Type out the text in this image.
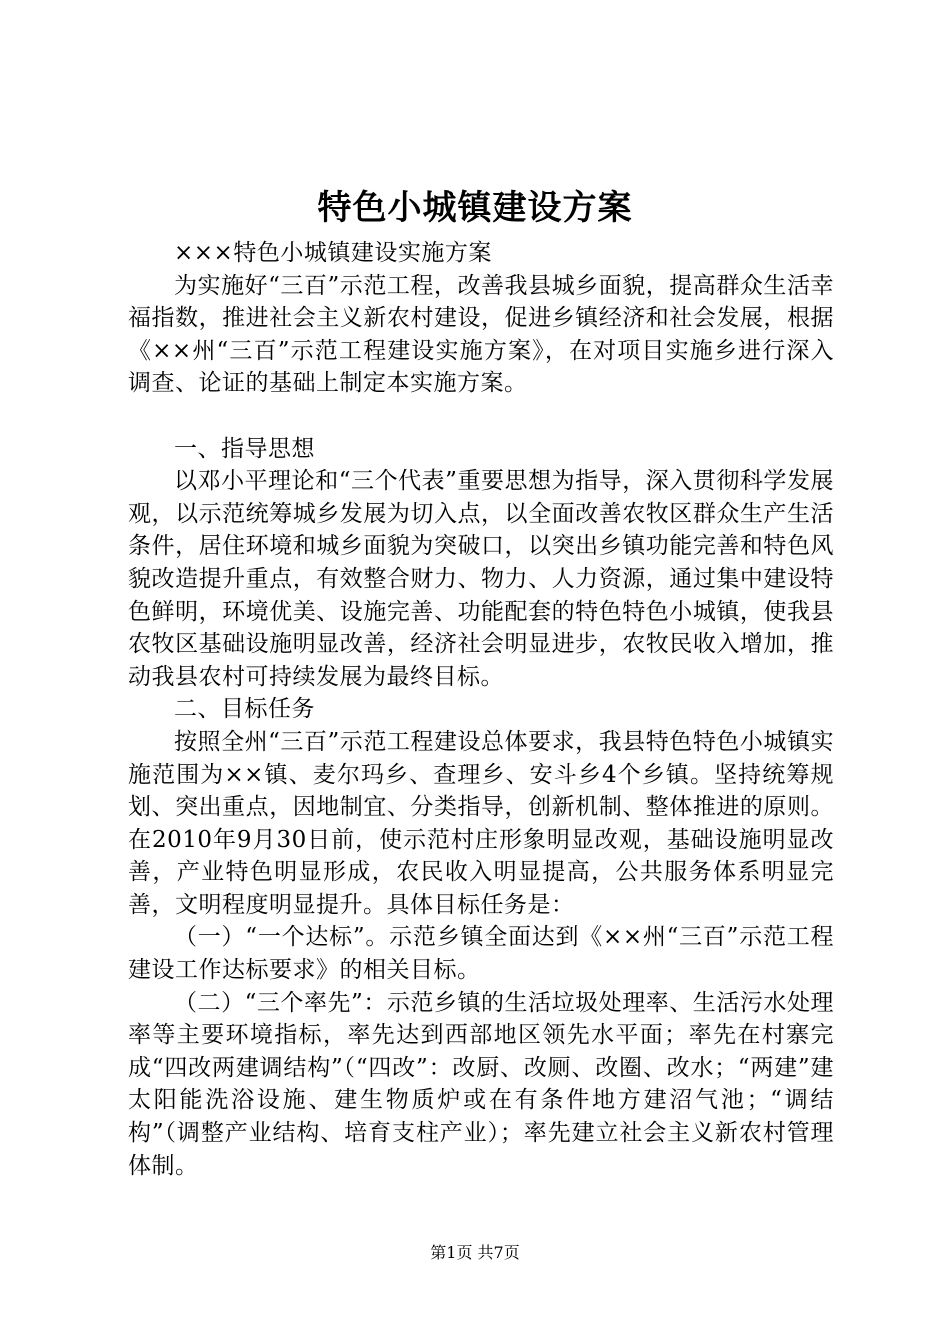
特色小城镇建设方案

×××特色小城镇建设实施方案

为实施好“三百”示范工程，改善我县城乡面貌，提高群众生活幸福指数，推进社会主义新农村建设，促进乡镇经济和社会发展，根据《××州“三百”示范工程建设实施方案》，在对项目实施乡进行深入调查、论证的基础上制定本实施方案。

一、指导思想

以邓小平理论和“三个代表”重要思想为指导，深入贯彻科学发展观，以示范统筹城乡发展为切入点，以全面改善农牧区群众生产生活条件，居住环境和城乡面貌为突破口，以突出乡镇功能完善和特色风貌改造提升重点，有效整合财力、物力、人力资源，通过集中建设特色鲜明，环境优美、设施完善、功能配套的特色特色小城镇，使我县农牧区基础设施明显改善，经济社会明显进步，农牧民收入增加，推动我县农村可持续发展为最终目标。

二、目标任务

按照全州“三百”示范工程建设总体要求，我县特色特色小城镇实施范围为××镇、麦尔玛乡、查理乡、安斗乡4个乡镇。坚持统筹规划、突出重点，因地制宜、分类指导，创新机制、整体推进的原则。在2010年9月30日前，使示范村庄形象明显改观，基础设施明显改善，产业特色明显形成，农民收入明显提高，公共服务体系明显完善，文明程度明显提升。具体目标任务是：

（一）“一个达标”。示范乡镇全面达到《××州“三百”示范工程建设工作达标要求》的相关目标。

（二）“三个率先”：示范乡镇的生活垃圾处理率、生活污水处理率等主要环境指标，率先达到西部地区领先水平面；率先在村寨完成“四改两建调结构”（“四改”：改厨、改厕、改圈、改水；“两建”建太阳能洗浴设施、建生物质炉或在有条件地方建沼气池；“调结构”（调整产业结构、培育支柱产业）；率先建立社会主义新农村管理体制。

第1页 共7页
